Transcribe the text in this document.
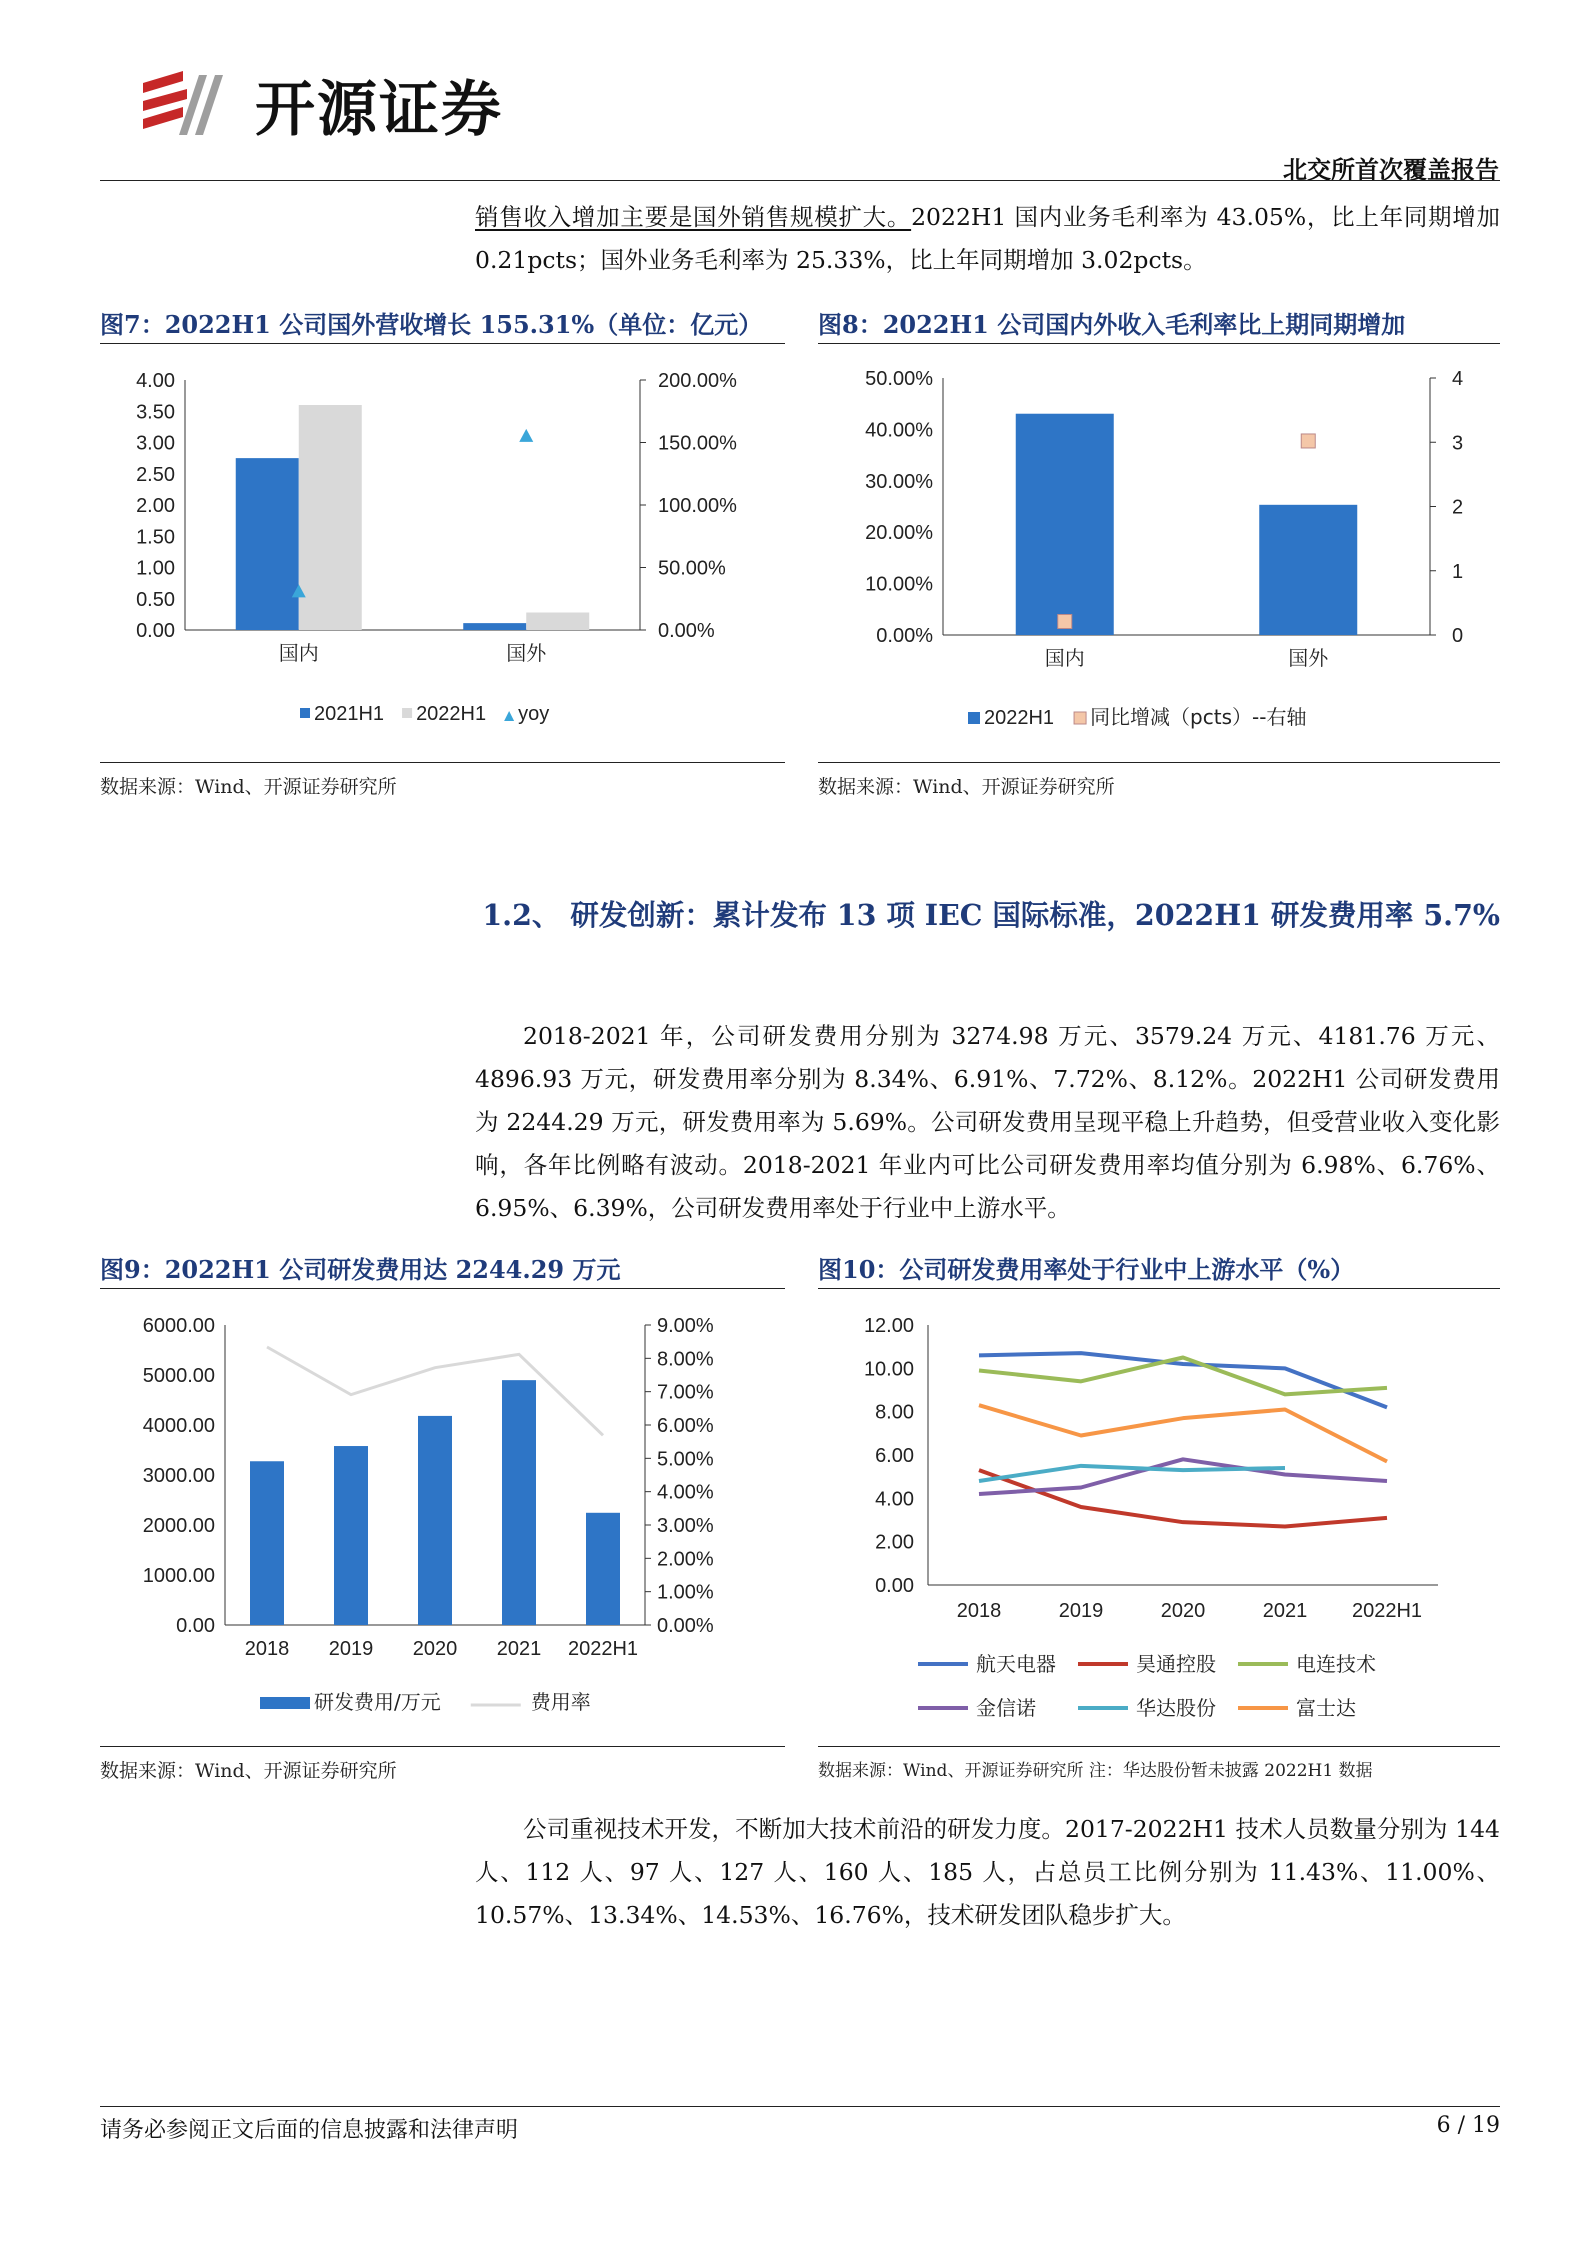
开源证券
北交所首次覆盖报告

销售收入增加主要是国外销售规模扩大。2022H1 国内业务毛利率为 43.05%，比上年同期增加 0.21pcts；国外业务毛利率为 25.33%，比上年同期增加 3.02pcts。

图7：2022H1 公司国外营收增长 155.31%（单位：亿元）
0.00
0.50
1.00
1.50
2.00
2.50
3.00
3.50
4.00
0.00%
50.00%
100.00%
150.00%
200.00%
国内	国外
2021H1 2022H1 yoy
数据来源：Wind、开源证券研究所
图8：2022H1 公司国内外收入毛利率比上期同期增加
0.00%
10.00%
20.00%
30.00%
40.00%
50.00%
0
1
2
3
4
国内	国外
2022H1 同比增减（pcts）--右轴
数据来源：Wind、开源证券研究所
1.2、 研发创新：累计发布 13 项 IEC 国际标准，2022H1 研发费用率 5.7%

2018-2021 年，公司研发费用分别为 3274.98 万元、3579.24 万元、4181.76 万元、4896.93 万元，研发费用率分别为 8.34%、6.91%、7.72%、8.12%。2022H1 公司研发费用为 2244.29 万元，研发费用率为 5.69%。公司研发费用呈现平稳上升趋势，但受营业收入变化影响，各年比例略有波动。2018-2021 年业内可比公司研发费用率均值分别为 6.98%、6.76%、6.95%、6.39%，公司研发费用率处于行业中上游水平。

图9：2022H1 公司研发费用达 2244.29 万元
0.00
1000.00
2000.00
3000.00
4000.00
5000.00
6000.00
0.00%
1.00%
2.00%
3.00%
4.00%
5.00%
6.00%
7.00%
8.00%
9.00%
2018 2019 2020 2021 2022H1
研发费用/万元	费用率
数据来源：Wind、开源证券研究所
图10：公司研发费用率处于行业中上游水平（%）
0.00
2.00
4.00
6.00
8.00
10.00
12.00
2018	2019	2020	2021 2022H1
航天电器	昊通控股	电连技术
金信诺	华达股份	富士达
数据来源：Wind、开源证券研究所 注：华达股份暂未披露 2022H1 数据

公司重视技术开发，不断加大技术前沿的研发力度。2017-2022H1 技术人员数量分别为 144 人、112 人、97 人、127 人、160 人、185 人，占总员工比例分别为 11.43%、11.00%、10.57%、13.34%、14.53%、16.76%，技术研发团队稳步扩大。

请务必参阅正文后面的信息披露和法律声明	6 / 19
